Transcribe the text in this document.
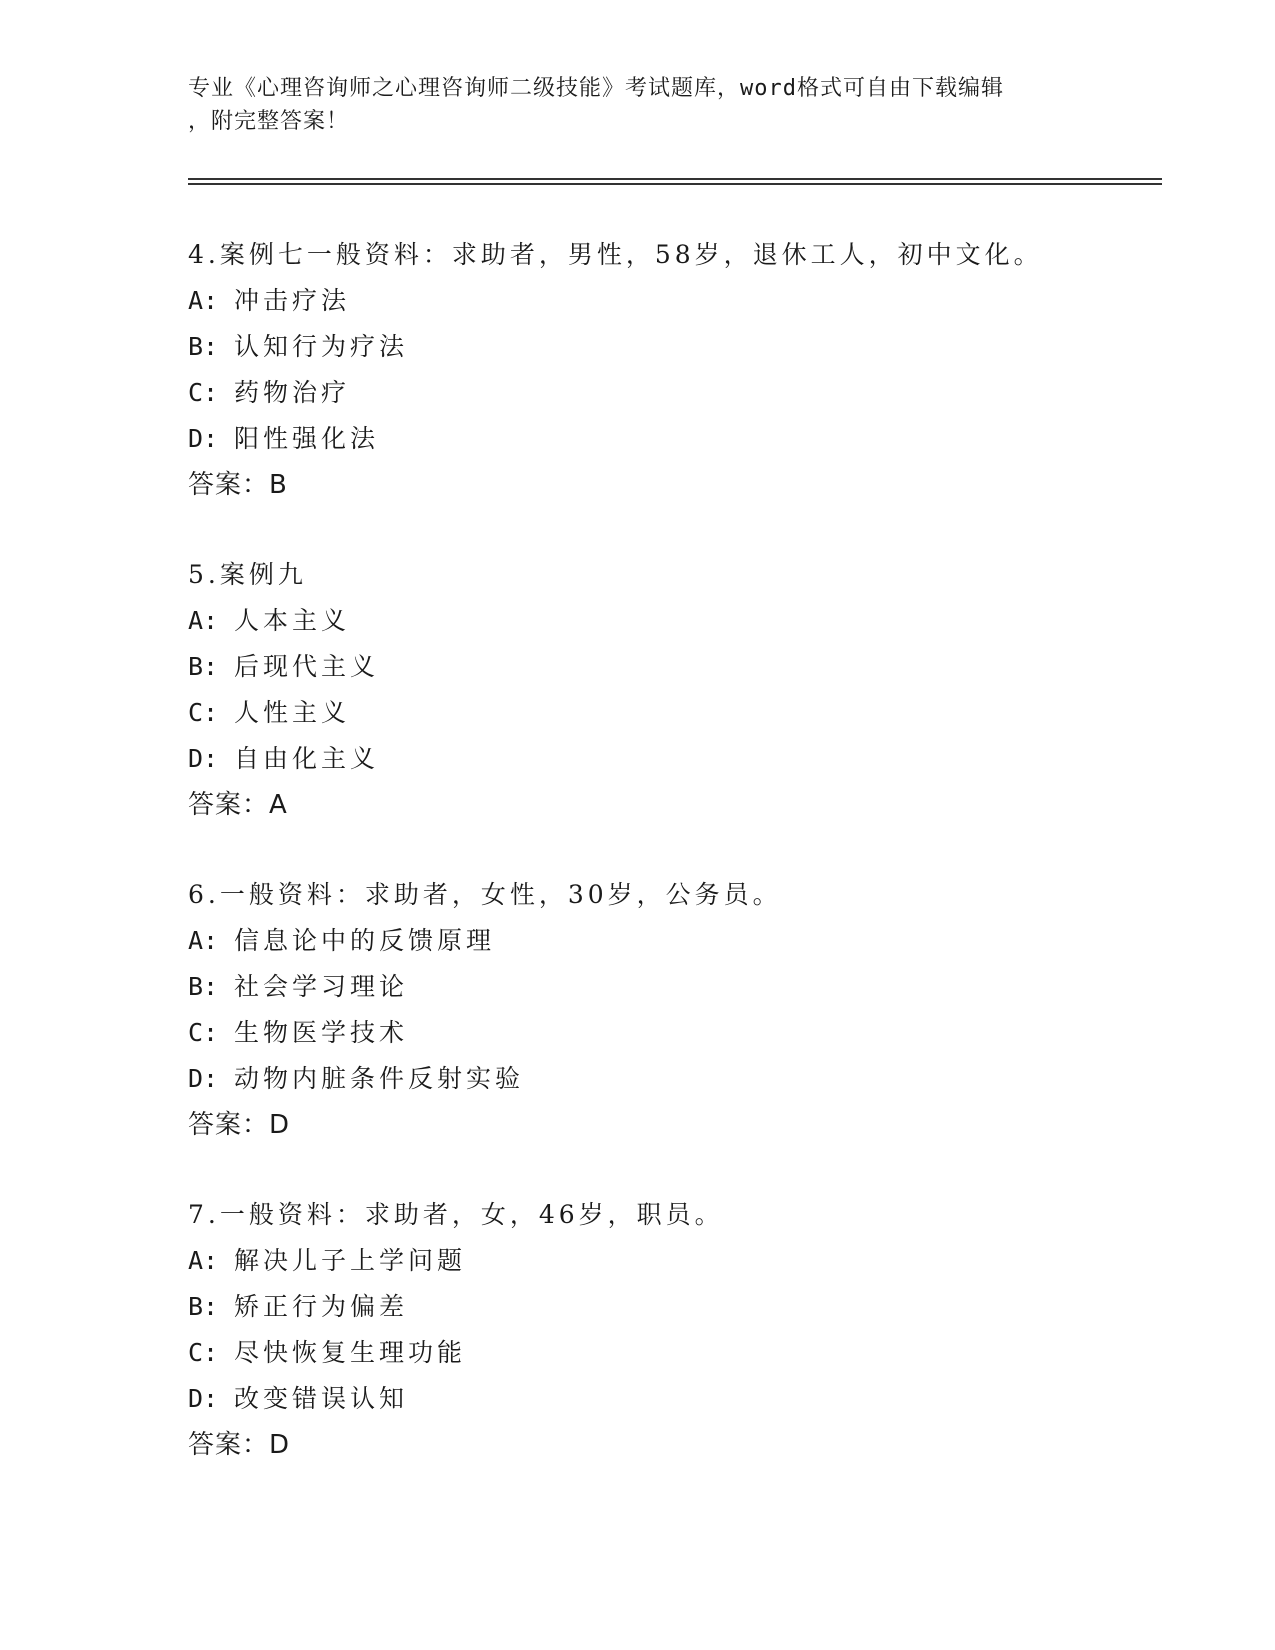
专业《心理咨询师之心理咨询师二级技能》考试题库，word格式可自由下载编辑
，附完整答案！
4.案例七一般资料：求助者，男性，58岁，退休工人，初中文化。
A: 冲击疗法
B: 认知行为疗法
C: 药物治疗
D: 阳性强化法
答案：B
5.案例九
A: 人本主义
B: 后现代主义
C: 人性主义
D: 自由化主义
答案：A
6.一般资料：求助者，女性，30岁，公务员。
A: 信息论中的反馈原理
B: 社会学习理论
C: 生物医学技术
D: 动物内脏条件反射实验
答案：D
7.一般资料：求助者，女，46岁，职员。
A: 解决儿子上学问题
B: 矫正行为偏差
C: 尽快恢复生理功能
D: 改变错误认知
答案：D
